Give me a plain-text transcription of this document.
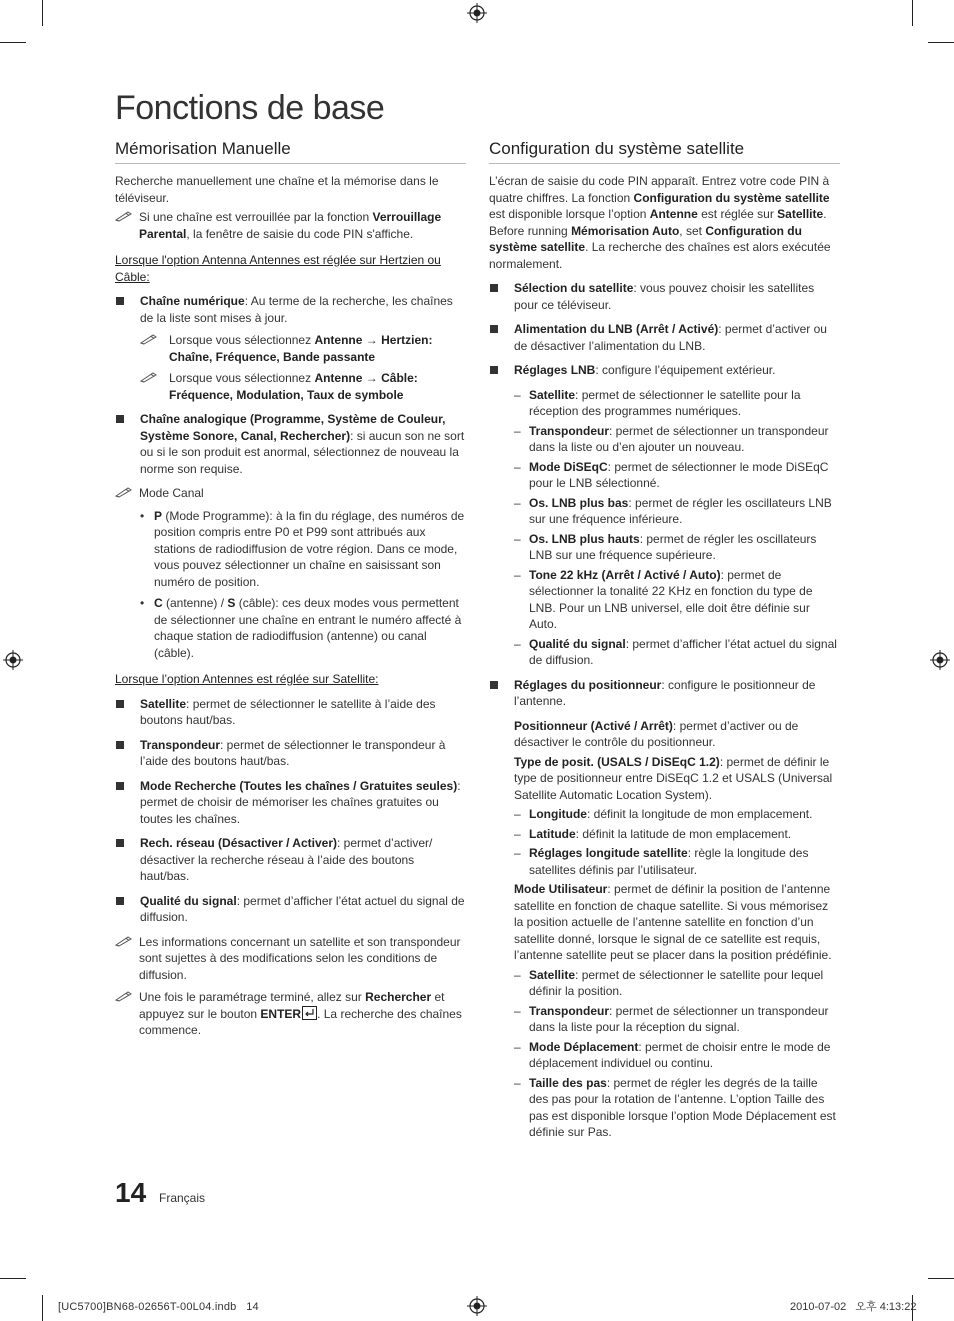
Fonctions de base
Mémorisation Manuelle

Recherche manuellement une chaîne et la mémorise dans le téléviseur.

Si une chaîne est verrouillée par la fonction Verrouillage Parental, la fenêtre de saisie du code PIN s'affiche.

Lorsque l'option Antenna Antennes est réglée sur Hertzien ou Câble:

Chaîne numérique: Au terme de la recherche, les chaînes de la liste sont mises à jour.
Lorsque vous sélectionnez Antenne → Hertzien: Chaîne, Fréquence, Bande passante
Lorsque vous sélectionnez Antenne → Câble: Fréquence, Modulation, Taux de symbole
Chaîne analogique (Programme, Système de Couleur, Système Sonore, Canal, Rechercher): si aucun son ne sort ou si le son produit est anormal, sélectionnez de nouveau la norme son requise.
Mode Canal
• P (Mode Programme): à la fin du réglage, des numéros de position compris entre P0 et P99 sont attribués aux stations de radiodiffusion de votre région. Dans ce mode, vous pouvez sélectionner un chaîne en saisissant son numéro de position.
• C (antenne) / S (câble): ces deux modes vous permettent de sélectionner une chaîne en entrant le numéro affecté à chaque station de radiodiffusion (antenne) ou canal (câble).

Lorsque l’option Antennes est réglée sur Satellite:

Satellite: permet de sélectionner le satellite à l’aide des boutons haut/bas.
Transpondeur: permet de sélectionner le transpondeur à l’aide des boutons haut/bas.
Mode Recherche (Toutes les chaînes / Gratuites seules): permet de choisir de mémoriser les chaînes gratuites ou toutes les chaînes.
Rech. réseau (Désactiver / Activer): permet d’activer/ désactiver la recherche réseau à l’aide des boutons haut/bas.
Qualité du signal: permet d’afficher l’état actuel du signal de diffusion.
Les informations concernant un satellite et son transpondeur sont sujettes à des modifications selon les conditions de diffusion.
Une fois le paramétrage terminé, allez sur Rechercher et appuyez sur le bouton ENTER . La recherche des chaînes commence.
Configuration du système satellite

L’écran de saisie du code PIN apparaît. Entrez votre code PIN à quatre chiffres. La fonction Configuration du système satellite est disponible lorsque l’option Antenne est réglée sur Satellite. Before running Mémorisation Auto, set Configuration du système satellite. La recherche des chaînes est alors exécutée normalement.

Sélection du satellite: vous pouvez choisir les satellites pour ce téléviseur.
Alimentation du LNB (Arrêt / Activé): permet d’activer ou de désactiver l’alimentation du LNB.
Réglages LNB: configure l’équipement extérieur.
– Satellite: permet de sélectionner le satellite pour la réception des programmes numériques.
– Transpondeur: permet de sélectionner un transpondeur dans la liste ou d’en ajouter un nouveau.
– Mode DiSEqC: permet de sélectionner le mode DiSEqC pour le LNB sélectionné.
– Os. LNB plus bas: permet de régler les oscillateurs LNB sur une fréquence inférieure.
– Os. LNB plus hauts: permet de régler les oscillateurs LNB sur une fréquence supérieure.
– Tone 22 kHz (Arrêt / Activé / Auto): permet de sélectionner la tonalité 22 KHz en fonction du type de LNB. Pour un LNB universel, elle doit être définie sur Auto.
– Qualité du signal: permet d’afficher l’état actuel du signal de diffusion.
Réglages du positionneur: configure le positionneur de l’antenne.

Positionneur (Activé / Arrêt): permet d’activer ou de désactiver le contrôle du positionneur.

Type de posit. (USALS / DiSEqC 1.2): permet de définir le type de positionneur entre DiSEqC 1.2 et USALS (Universal Satellite Automatic Location System).

– Longitude: définit la longitude de mon emplacement.
– Latitude: définit la latitude de mon emplacement.
– Réglages longitude satellite: règle la longitude des satellites définis par l’utilisateur.

Mode Utilisateur: permet de définir la position de l’antenne satellite en fonction de chaque satellite. Si vous mémorisez la position actuelle de l’antenne satellite en fonction d’un satellite donné, lorsque le signal de ce satellite est requis, l’antenne satellite peut se placer dans la position prédéfinie.

– Satellite: permet de sélectionner le satellite pour lequel définir la position.
– Transpondeur: permet de sélectionner un transpondeur dans la liste pour la réception du signal.
– Mode Déplacement: permet de choisir entre le mode de déplacement individuel ou continu.
– Taille des pas: permet de régler les degrés de la taille des pas pour la rotation de l’antenne. L’option Taille des pas est disponible lorsque l’option Mode Déplacement est définie sur Pas.
14 Français
[UC5700]BN68-02656T-00L04.indb   14	2010-07-02   오후 4:13:22
